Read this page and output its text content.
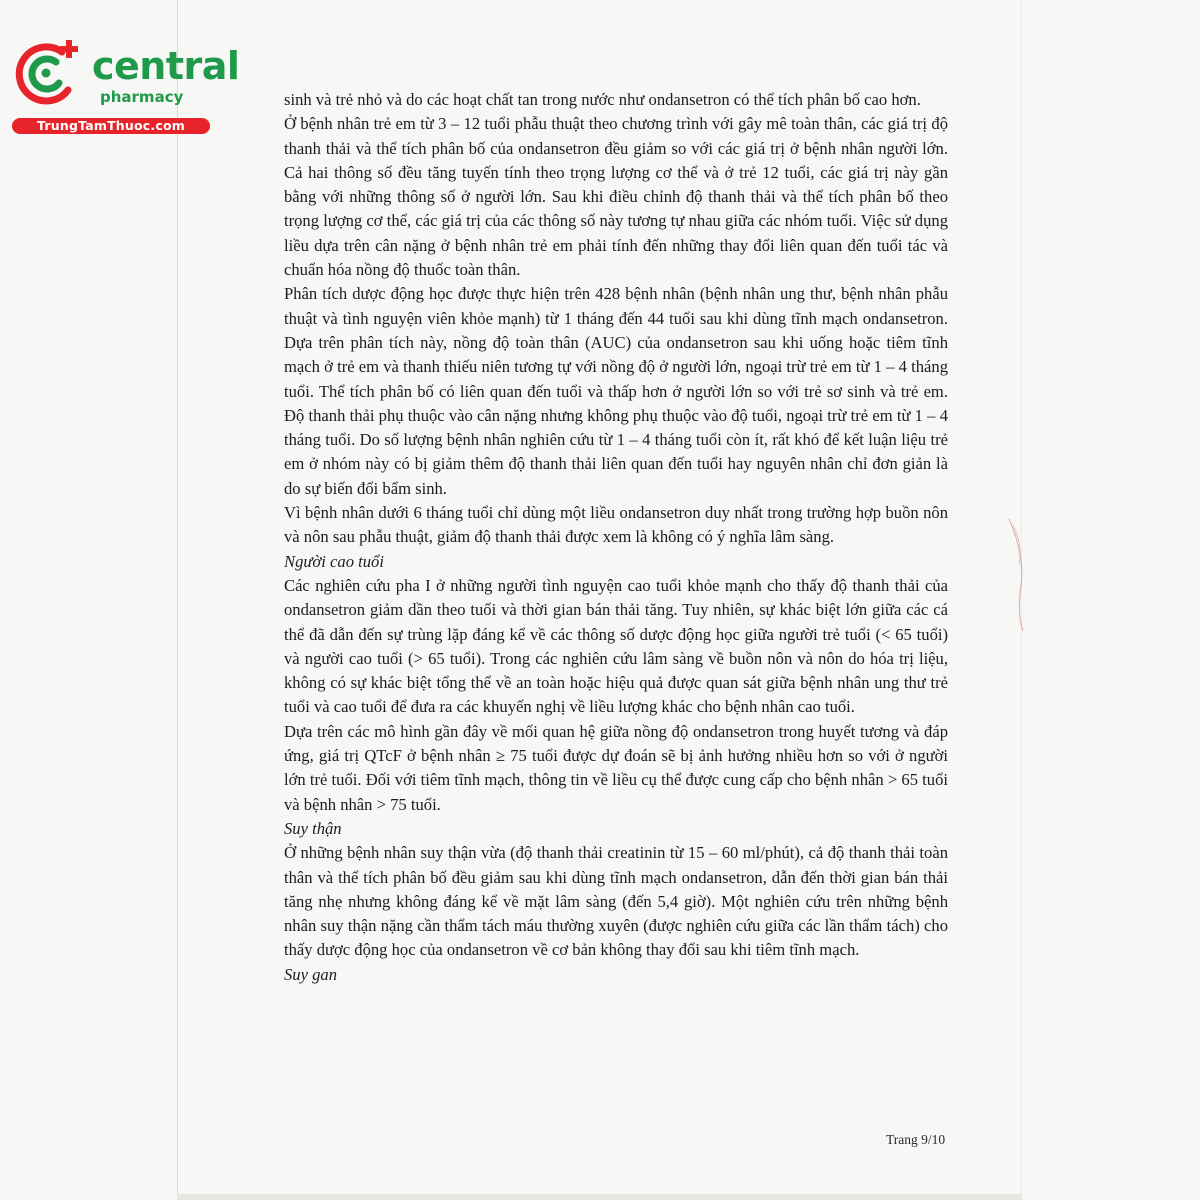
central
pharmacy
TrungTamThuoc.com

sinh và trẻ nhỏ và do các hoạt chất tan trong nước như ondansetron có thể tích phân bố cao hơn.

Ở bệnh nhân trẻ em từ 3 – 12 tuổi phẫu thuật theo chương trình với gây mê toàn thân, các giá trị độ thanh thải và thể tích phân bố của ondansetron đều giảm so với các giá trị ở bệnh nhân người lớn. Cả hai thông số đều tăng tuyến tính theo trọng lượng cơ thể và ở trẻ 12 tuổi, các giá trị này gần bằng với những thông số ở người lớn. Sau khi điều chỉnh độ thanh thải và thể tích phân bố theo trọng lượng cơ thể, các giá trị của các thông số này tương tự nhau giữa các nhóm tuổi. Việc sử dụng liều dựa trên cân nặng ở bệnh nhân trẻ em phải tính đến những thay đổi liên quan đến tuổi tác và chuẩn hóa nồng độ thuốc toàn thân.

Phân tích dược động học được thực hiện trên 428 bệnh nhân (bệnh nhân ung thư, bệnh nhân phẫu thuật và tình nguyện viên khỏe mạnh) từ 1 tháng đến 44 tuổi sau khi dùng tĩnh mạch ondansetron. Dựa trên phân tích này, nồng độ toàn thân (AUC) của ondansetron sau khi uống hoặc tiêm tĩnh mạch ở trẻ em và thanh thiếu niên tương tự với nồng độ ở người lớn, ngoại trừ trẻ em từ 1 – 4 tháng tuổi. Thể tích phân bố có liên quan đến tuổi và thấp hơn ở người lớn so với trẻ sơ sinh và trẻ em. Độ thanh thải phụ thuộc vào cân nặng nhưng không phụ thuộc vào độ tuổi, ngoại trừ trẻ em từ 1 – 4 tháng tuổi. Do số lượng bệnh nhân nghiên cứu từ 1 – 4 tháng tuổi còn ít, rất khó để kết luận liệu trẻ em ở nhóm này có bị giảm thêm độ thanh thải liên quan đến tuổi hay nguyên nhân chỉ đơn giản là do sự biến đổi bẩm sinh.

Vì bệnh nhân dưới 6 tháng tuổi chỉ dùng một liều ondansetron duy nhất trong trường hợp buồn nôn và nôn sau phẫu thuật, giảm độ thanh thải được xem là không có ý nghĩa lâm sàng.

Người cao tuổi

Các nghiên cứu pha I ở những người tình nguyện cao tuổi khỏe mạnh cho thấy độ thanh thải của ondansetron giảm dần theo tuổi và thời gian bán thải tăng. Tuy nhiên, sự khác biệt lớn giữa các cá thể đã dẫn đến sự trùng lặp đáng kể về các thông số dược động học giữa người trẻ tuổi (< 65 tuổi) và người cao tuổi (> 65 tuổi). Trong các nghiên cứu lâm sàng về buồn nôn và nôn do hóa trị liệu, không có sự khác biệt tổng thể về an toàn hoặc hiệu quả được quan sát giữa bệnh nhân ung thư trẻ tuổi và cao tuổi để đưa ra các khuyến nghị về liều lượng khác cho bệnh nhân cao tuổi.

Dựa trên các mô hình gần đây về mối quan hệ giữa nồng độ ondansetron trong huyết tương và đáp ứng, giá trị QTcF ở bệnh nhân ≥ 75 tuổi được dự đoán sẽ bị ảnh hưởng nhiều hơn so với ở người lớn trẻ tuổi. Đối với tiêm tĩnh mạch, thông tin về liều cụ thể được cung cấp cho bệnh nhân > 65 tuổi và bệnh nhân > 75 tuổi.

Suy thận

Ở những bệnh nhân suy thận vừa (độ thanh thải creatinin từ 15 – 60 ml/phút), cả độ thanh thải toàn thân và thể tích phân bố đều giảm sau khi dùng tĩnh mạch ondansetron, dẫn đến thời gian bán thải tăng nhẹ nhưng không đáng kể về mặt lâm sàng (đến 5,4 giờ). Một nghiên cứu trên những bệnh nhân suy thận nặng cần thẩm tách máu thường xuyên (được nghiên cứu giữa các lần thẩm tách) cho thấy dược động học của ondansetron về cơ bản không thay đổi sau khi tiêm tĩnh mạch.

Suy gan

Trang 9/10
